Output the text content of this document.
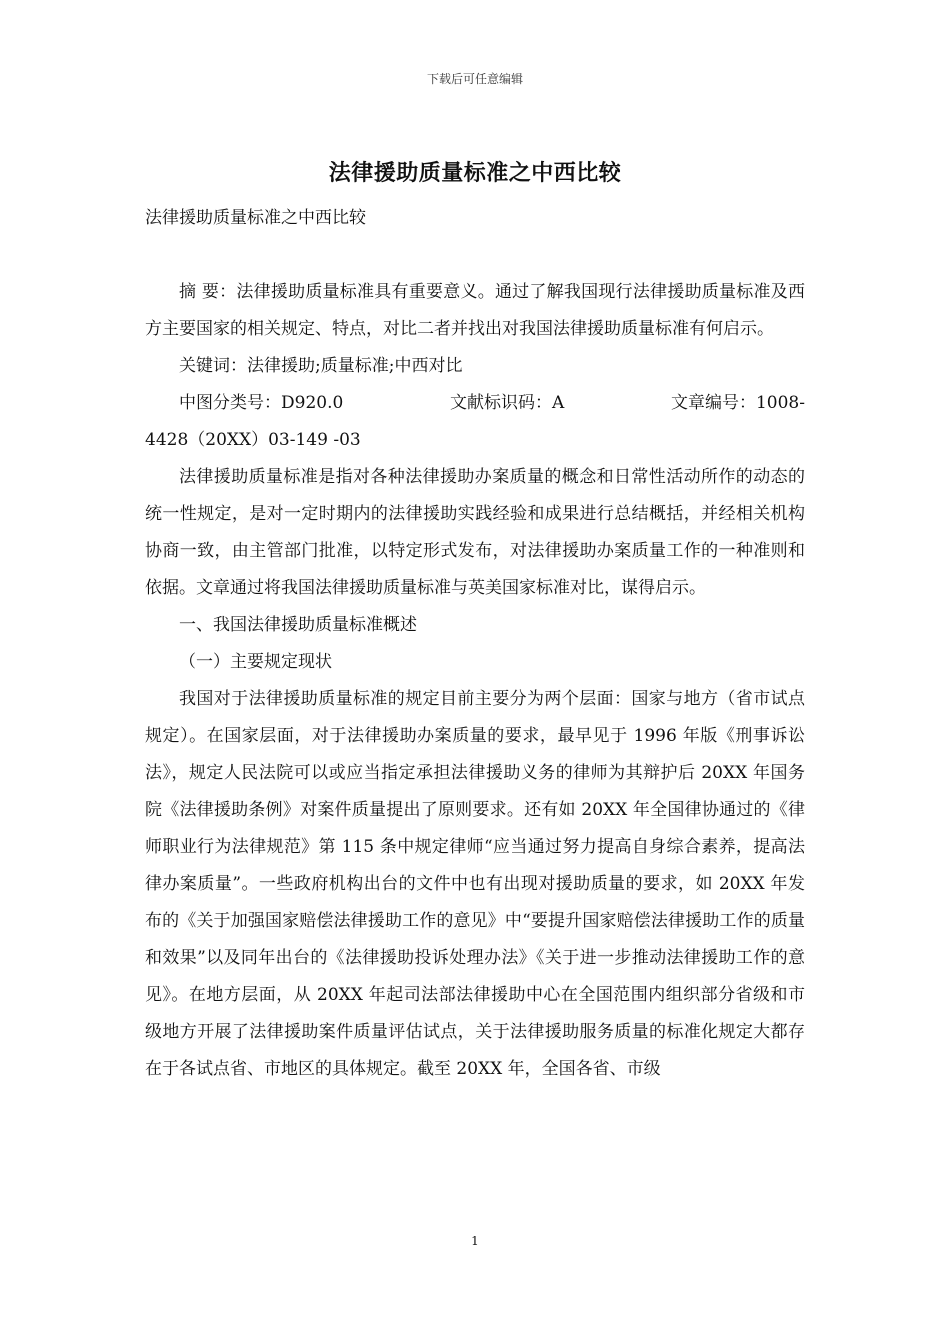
下载后可任意编辑
法律援助质量标准之中西比较

法律援助质量标准之中西比较

摘 要：法律援助质量标准具有重要意义。通过了解我国现行法律援助质量标准及西方主要国家的相关规定、特点，对比二者并找出对我国法律援助质量标准有何启示。

关键词：法律援助;质量标准;中西对比

中图分类号：D920.0	文献标识码：A	文章编号：1008-

4428（20XX）03-149 -03

法律援助质量标准是指对各种法律援助办案质量的概念和日常性活动所作的动态的统一性规定，是对一定时期内的法律援助实践经验和成果进行总结概括，并经相关机构协商一致，由主管部门批准，以特定形式发布，对法律援助办案质量工作的一种准则和依据。文章通过将我国法律援助质量标准与英美国家标准对比，谋得启示。

一、我国法律援助质量标准概述

（一）主要规定现状

我国对于法律援助质量标准的规定目前主要分为两个层面：国家与地方（省市试点规定）。在国家层面，对于法律援助办案质量的要求，最早见于 1996 年版《刑事诉讼法》，规定人民法院可以或应当指定承担法律援助义务的律师为其辩护后 20XX 年国务院《法律援助条例》对案件质量提出了原则要求。还有如 20XX 年全国律协通过的《律师职业行为法律规范》第 115 条中规定律师“应当通过努力提高自身综合素养，提高法律办案质量”。一些政府机构出台的文件中也有出现对援助质量的要求，如 20XX 年发布的《关于加强国家赔偿法律援助工作的意见》中“要提升国家赔偿法律援助工作的质量和效果”以及同年出台的《法律援助投诉处理办法》《关于进一步推动法律援助工作的意见》。在地方层面，从 20XX 年起司法部法律援助中心在全国范围内组织部分省级和市级地方开展了法律援助案件质量评估试点，关于法律援助服务质量的标准化规定大都存在于各试点省、市地区的具体规定。截至 20XX 年，全国各省、市级

1
